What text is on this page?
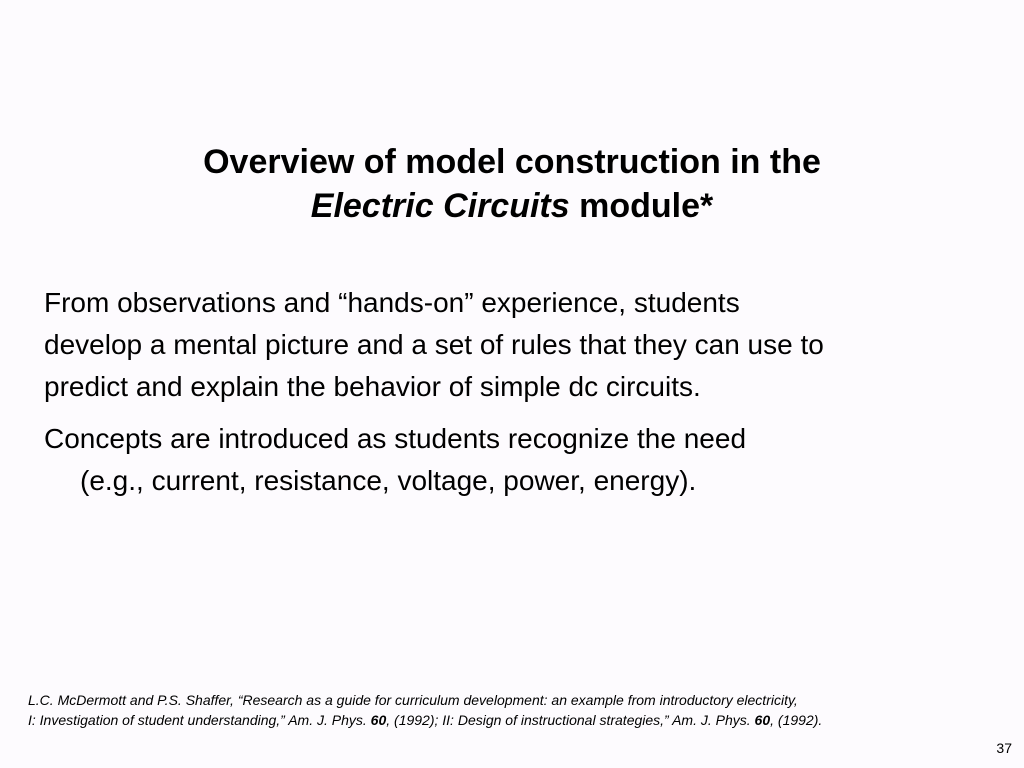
Overview of model construction in the
Electric Circuits module*

From observations and “hands-on” experience, students
develop a mental picture and a set of rules that they can use to
predict and explain the behavior of simple dc circuits.

Concepts are introduced as students recognize the need
(e.g., current, resistance, voltage, power, energy).

L.C. McDermott and P.S. Shaffer, “Research as a guide for curriculum development: an example from introductory electricity,
I: Investigation of student understanding,” Am. J. Phys. 60, (1992); II: Design of instructional strategies,” Am. J. Phys. 60, (1992).
37
